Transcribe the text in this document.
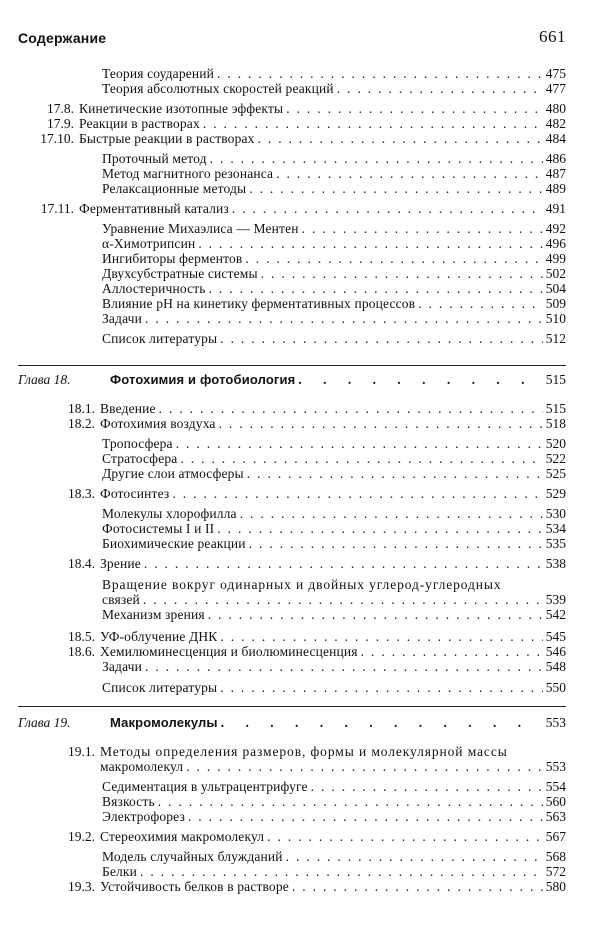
Содержание	661
Теория соударений . . .	475
Теория абсолютных скоростей реакций . . .	477
17.8. Кинетические изотопные эффекты . . .	480
17.9. Реакции в растворах . . .	482
17.10. Быстрые реакции в растворах . . .	484
Проточный метод . . .	486
Метод магнитного резонанса . . .	487
Релаксационные методы . . .	489
17.11. Ферментативный катализ . . .	491
Уравнение Михаэлиса — Ментен . . .	492
α-Химотрипсин . . .	496
Ингибиторы ферментов . . .	499
Двухсубстратные системы . . .	502
Аллостеричность . . .	504
Влияние pH на кинетику ферментативных процессов . . .	509
Задачи . . .	510
Список литературы . . .	512
Глава 18.	Фотохимия и фотобиология . . .	515
18.1. Введение . . .	515
18.2. Фотохимия воздуха . . .	518
Тропосфера . . .	520
Стратосфера . . .	522
Другие слои атмосферы . . .	525
18.3. Фотосинтез . . .	529
Молекулы хлорофилла . . .	530
Фотосистемы I и II . . .	534
Биохимические реакции . . .	535
18.4. Зрение . . .	538
Вращение вокруг одинарных и двойных углерод-углеродных
связей . . .	539
Механизм зрения . . .	542
18.5. УФ-облучение ДНК . . .	545
18.6. Хемилюминесценция и биолюминесценция . . .	546
Задачи . . .	548
Список литературы . . .	550
Глава 19.	Макромолекулы . . .	553
19.1. Методы определения размеров, формы и молекулярной массы
макромолекул . . .	553
Седиментация в ультрацентрифуге . . .	554
Вязкость . . .	560
Электрофорез . . .	563
19.2. Стереохимия макромолекул . . .	567
Модель случайных блужданий . . .	568
Белки . . .	572
19.3. Устойчивость белков в растворе . . .	580
